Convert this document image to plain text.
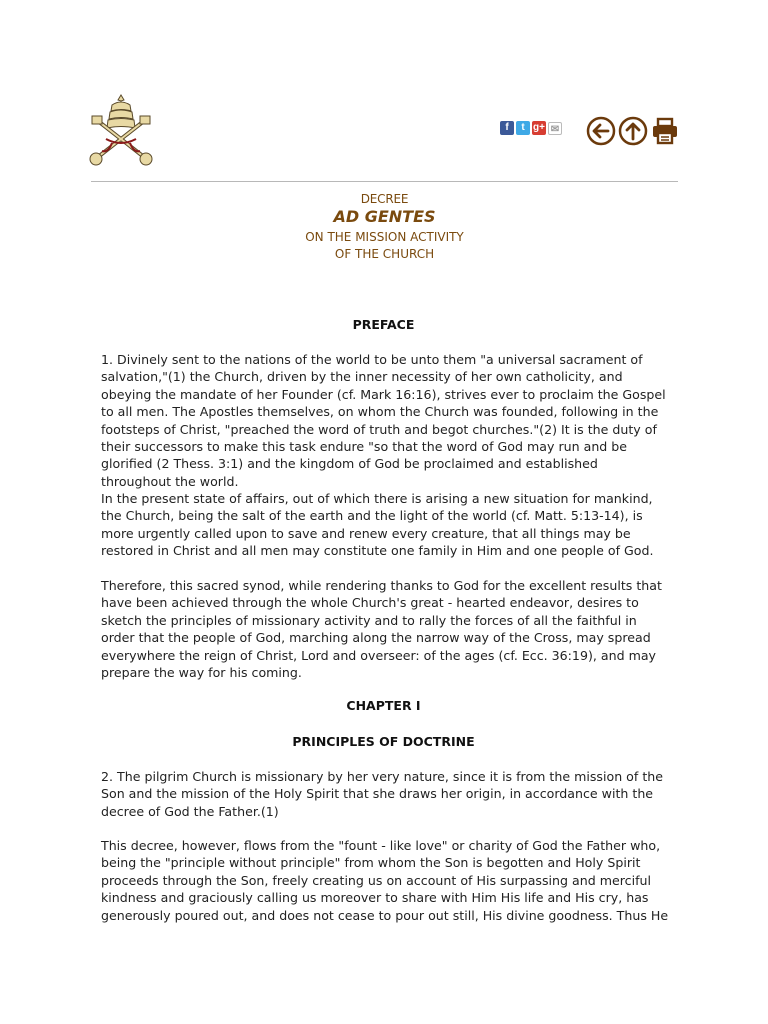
f	t g+ ✉
DECREE
AD GENTES
ON THE MISSION ACTIVITY
OF THE CHURCH
PREFACE

1. Divinely sent to the nations of the world to be unto them "a universal sacrament of salvation,"(1) the Church, driven by the inner necessity of her own catholicity, and obeying the mandate of her Founder (cf. Mark 16:16), strives ever to proclaim the Gospel to all men. The Apostles themselves, on whom the Church was founded, following in the footsteps of Christ, "preached the word of truth and begot churches."(2) It is the duty of their successors to make this task endure "so that the word of God may run and be glorified (2 Thess. 3:1) and the kingdom of God be proclaimed and established throughout the world.

In the present state of affairs, out of which there is arising a new situation for mankind, the Church, being the salt of the earth and the light of the world (cf. Matt. 5:13-14), is more urgently called upon to save and renew every creature, that all things may be restored in Christ and all men may constitute one family in Him and one people of God.

Therefore, this sacred synod, while rendering thanks to God for the excellent results that have been achieved through the whole Church's great - hearted endeavor, desires to sketch the principles of missionary activity and to rally the forces of all the faithful in order that the people of God, marching along the narrow way of the Cross, may spread everywhere the reign of Christ, Lord and overseer: of the ages (cf. Ecc. 36:19), and may prepare the way for his coming.

CHAPTER I
PRINCIPLES OF DOCTRINE

2. The pilgrim Church is missionary by her very nature, since it is from the mission of the Son and the mission of the Holy Spirit that she draws her origin, in accordance with the decree of God the Father.(1)

This decree, however, flows from the "fount - like love" or charity of God the Father who, being the "principle without principle" from whom the Son is begotten and Holy Spirit proceeds through the Son, freely creating us on account of His surpassing and merciful kindness and graciously calling us moreover to share with Him His life and His cry, has generously poured out, and does not cease to pour out still, His divine goodness. Thus He
